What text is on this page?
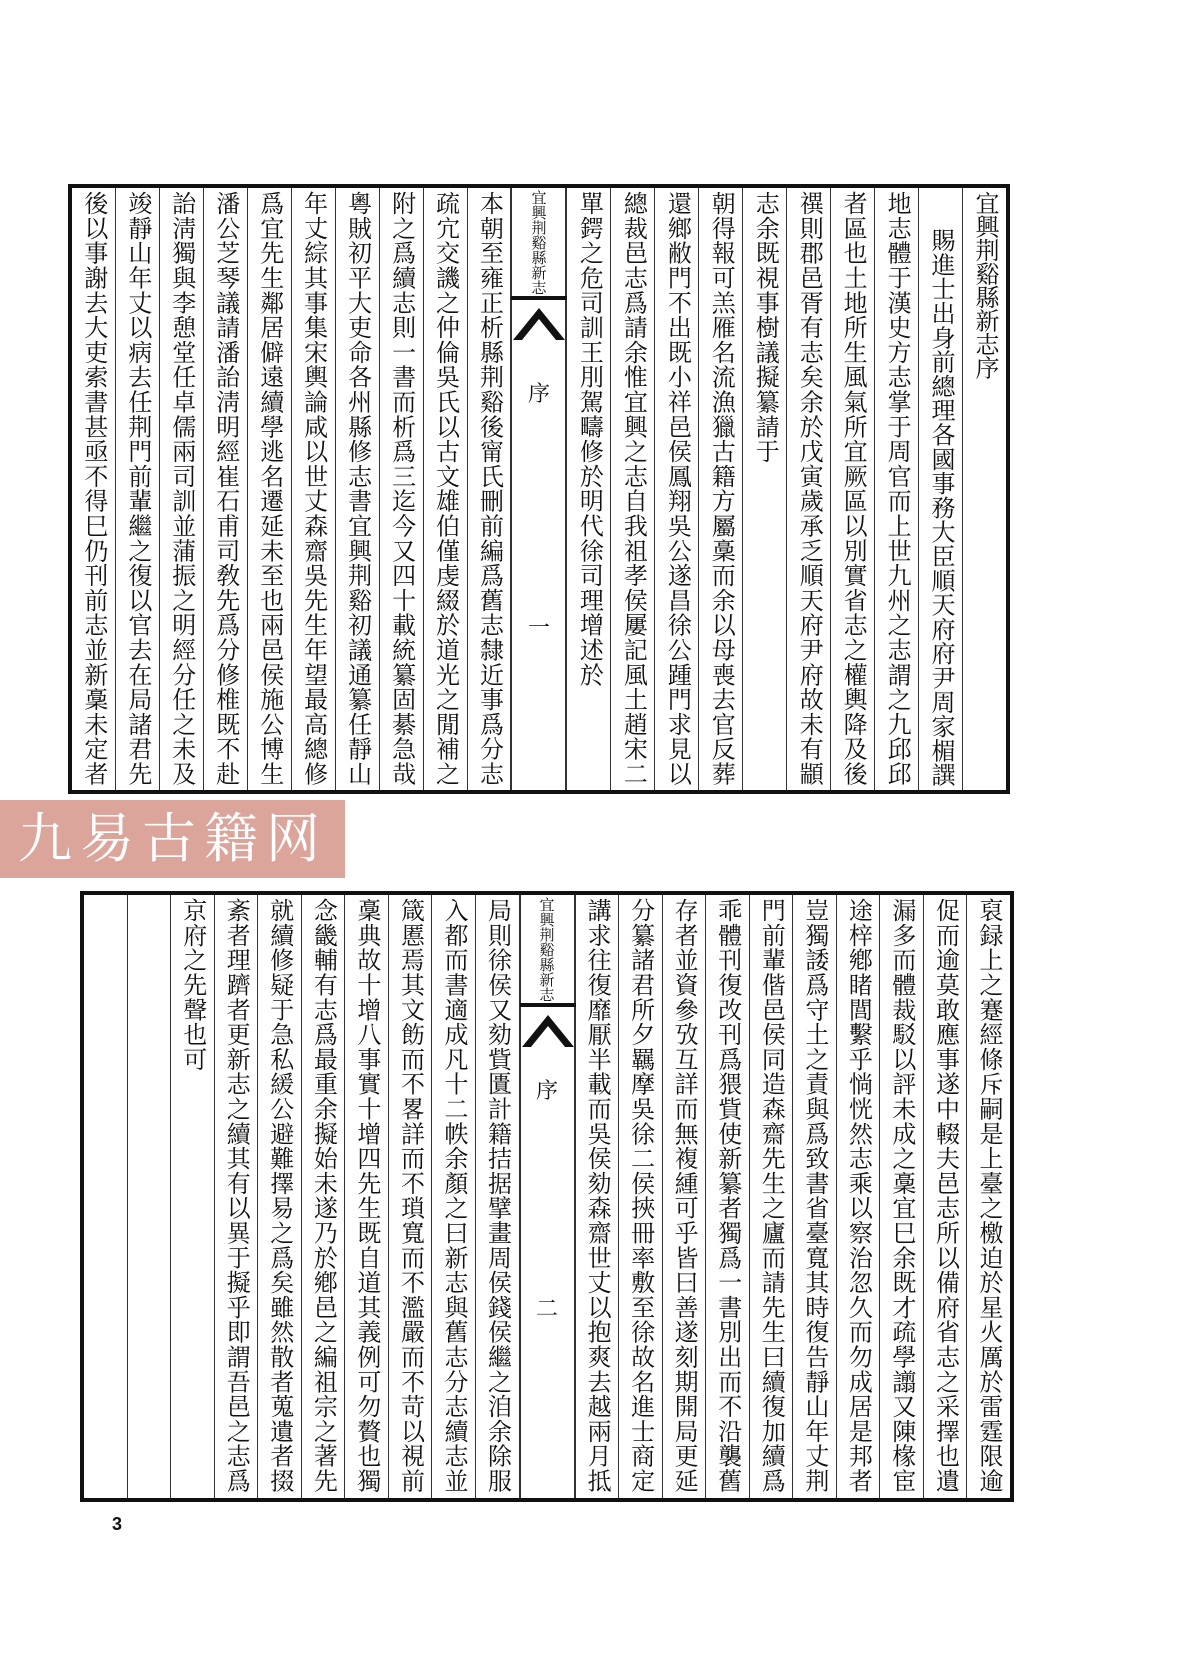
宜興荆谿縣新志序
賜進士出身前總理各國事務大臣順天府府尹周家楣譔
地志體于漢史方志掌于周官而上世九州之志謂之九邱邱
者區也土地所生風氣所宜厥區以別實省志之權輿降及後
禩則郡邑胥有志矣余於戊寅歲承乏順天府尹府故未有顓
志余既視事樹議擬纂請于
朝得報可羔雁名流漁獵古籍方屬稾而余以母喪去官反葬
還鄉敝門不出既小祥邑侯鳳翔吳公遂昌徐公踵門求見以
總裁邑志爲請余惟宜興之志自我祖孝侯屢記風土趙宋二
單鍔之危司訓王刖駕疇修於明代徐司理增述於
宜興荆谿縣新志
序
一
本朝至雍正析縣荆谿後甯氏刪前編爲舊志隸近事爲分志
疏宂交譏之仲倫吳氏以古文雄伯僅虔綴於道光之閒補之
附之爲續志則一書而析爲三迄今又四十載統纂固綦急哉
粵賊初平大吏命各州縣修志書宜興荆谿初議通纂任靜山
年丈綜其事集宋輿論咸以世丈森齋吳先生年望最高總修
爲宜先生鄰居僻遠續學逃名遷延未至也兩邑侯施公博生
潘公芝琴議請潘詒淸明經崔石甫司敎先爲分修椎既不赴
詒淸獨與李憩堂任卓儒兩司訓並蒲振之明經分任之未及
竣靜山年丈以病去任荆門前輩繼之復以官去在局諸君先
後以事謝去大吏索書甚亟不得巳仍刊前志並新稾未定者
九易古籍网
裒録上之蹇經條斥嗣是上臺之檄迫於星火厲於雷霆限逾
促而逾莫敢應事遂中輟夫邑志所以備府省志之采擇也遺
漏多而體裁駁以評未成之稾宜巳余既才疏學譾又陳椽宦
途梓鄕睹閭繫乎惝恍然志乘以察治忽久而勿成居是邦者
豈獨諉爲守土之責與爲致書省臺寬其時復告靜山年丈荆
門前輩偕邑侯同造森齋先生之廬而請先生曰續復加續爲
乖體刊復改刊爲猥貲使新纂者獨爲一書別出而不沿襲舊
存者並資參攷互詳而無複緟可乎皆曰善遂刻期開局更延
分纂諸君所夕羈摩吳徐二侯挾冊率敷至徐故名進士商定
講求往復靡厭半載而吳侯劾森齋世丈以抱爽去越兩月抵
宜興荆谿縣新志
序
二
局則徐侯又劾貲匱計籍拮据擘畫周侯錢侯繼之洎余除服
入都而書適成凡十二帙余顏之曰新志與舊志分志續志並
箴慝焉其文飭而不畧詳而不瑣寬而不濫嚴而不苛以視前
稾典故十增八事實十增四先生既自道其義例可勿贅也獨
念畿輔有志爲最重余擬始未遂乃於鄕邑之編祖宗之著先
就續修疑于急私緩公避難擇易之爲矣雖然散者蒐遺者掇
紊者理躋者更新志之續其有以異于擬乎即謂吾邑之志爲
京府之先聲也可
3
